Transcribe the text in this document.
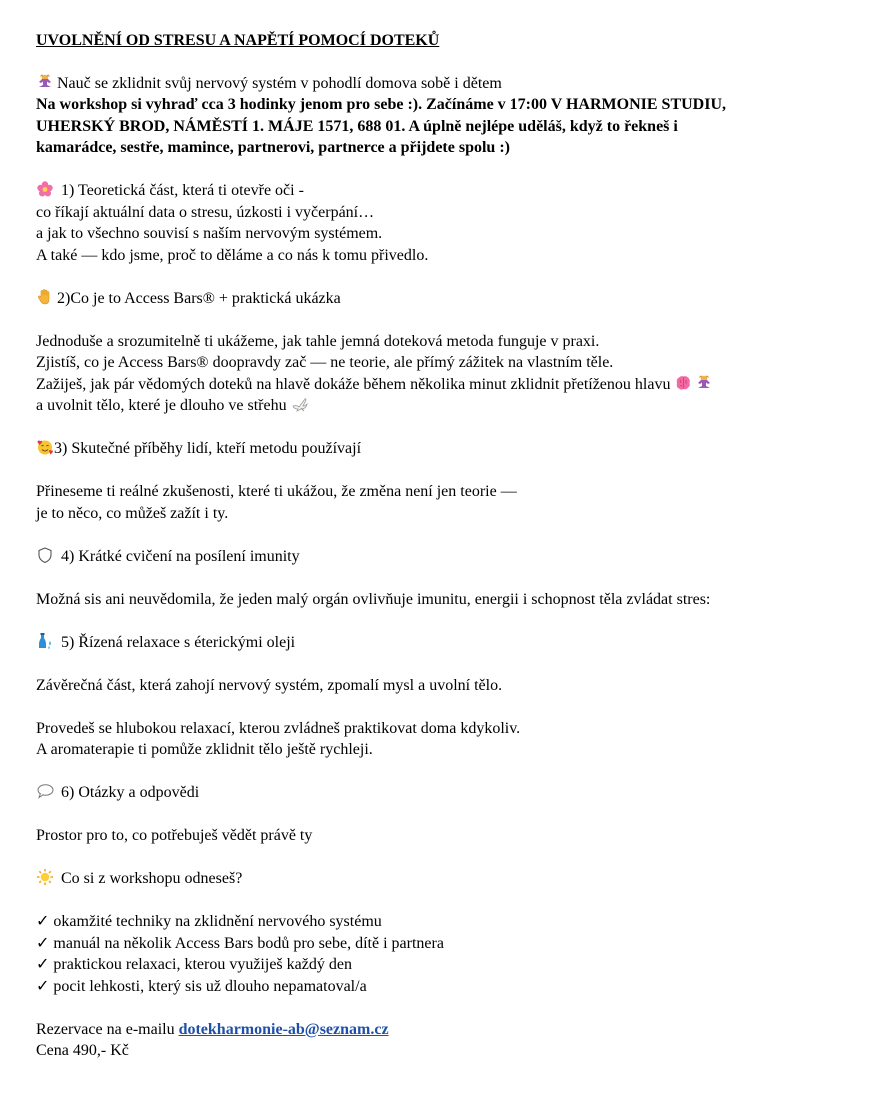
UVOLNĚNÍ OD STRESU A NAPĚTÍ POMOCÍ DOTEKŮ

Nauč se zklidnit svůj nervový systém v pohodlí domova sobě i dětem

Na workshop si vyhraď cca 3 hodinky jenom pro sebe :). Začínáme v 17:00 V HARMONIE STUDIU,

UHERSKÝ BROD, NÁMĚSTÍ 1. MÁJE 1571, 688 01. A úplně nejlépe uděláš, když to řekneš i

kamarádce, sestře, mamince, partnerovi, partnerce a přijdete spolu :)

1) Teoretická část, která ti otevře oči -

co říkají aktuální data o stresu, úzkosti i vyčerpání…

a jak to všechno souvisí s naším nervovým systémem.

A také — kdo jsme, proč to děláme a co nás k tomu přivedlo.

2)Co je to Access Bars® + praktická ukázka

Jednoduše a srozumitelně ti ukážeme, jak tahle jemná doteková metoda funguje v praxi.

Zjistíš, co je Access Bars® doopravdy zač — ne teorie, ale přímý zážitek na vlastním těle.

Zažiješ, jak pár vědomých doteků na hlavě dokáže během několika minut zklidnit přetíženou hlavu

a uvolnit tělo, které je dlouho ve střehu

3) Skutečné příběhy lidí, kteří metodu používají

Přineseme ti reálné zkušenosti, které ti ukážou, že změna není jen teorie —

je to něco, co můžeš zažít i ty.

4) Krátké cvičení na posílení imunity

Možná sis ani neuvědomila, že jeden malý orgán ovlivňuje imunitu, energii i schopnost těla zvládat stres:

5) Řízená relaxace s éterickými oleji

Závěrečná část, která zahojí nervový systém, zpomalí mysl a uvolní tělo.

Provedeš se hlubokou relaxací, kterou zvládneš praktikovat doma kdykoliv.

A aromaterapie ti pomůže zklidnit tělo ještě rychleji.

6) Otázky a odpovědi

Prostor pro to, co potřebuješ vědět právě ty

Co si z workshopu odneseš?

✓ okamžité techniky na zklidnění nervového systému

✓ manuál na několik Access Bars bodů pro sebe, dítě i partnera

✓ praktickou relaxaci, kterou využiješ každý den

✓ pocit lehkosti, který sis už dlouho nepamatoval/a

Rezervace na e-mailu dotekharmonie-ab@seznam.cz

Cena 490,- Kč
